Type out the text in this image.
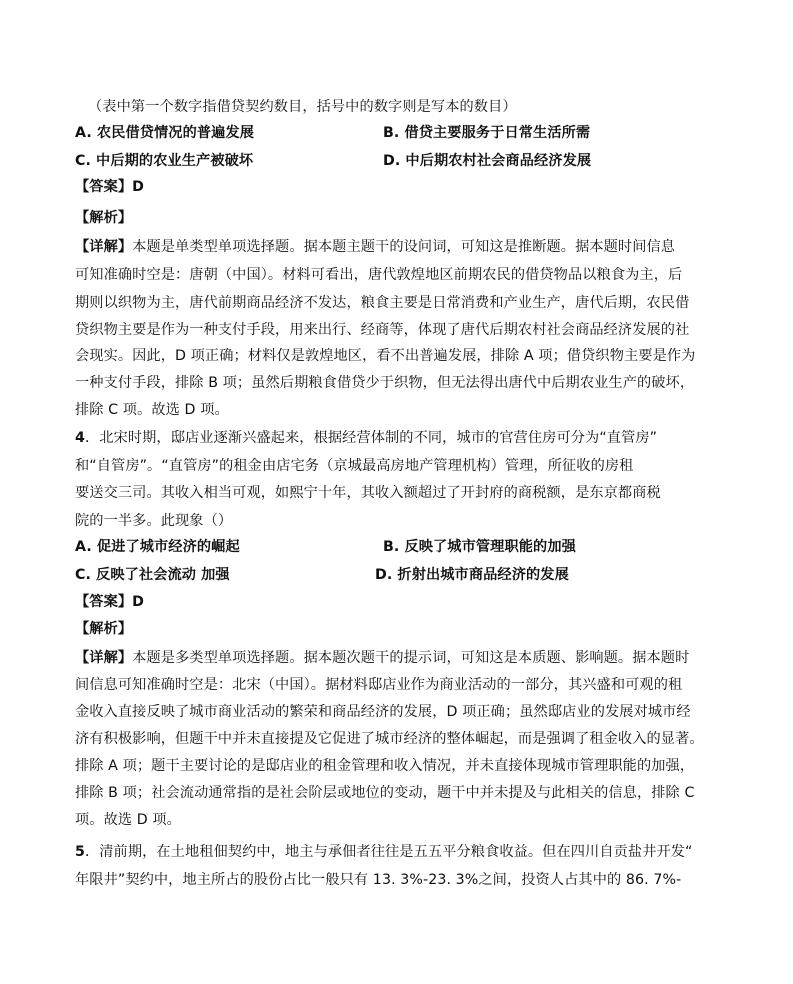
（表中第一个数字指借贷契约数目，括号中的数字则是写本的数目）
A. 农民借贷情况的普遍发展	B. 借贷主要服务于日常生活所需
C. 中后期的农业生产被破坏	D. 中后期农村社会商品经济发展
【答案】D
【解析】
【详解】本题是单类型单项选择题。据本题主题干的设问词，可知这是推断题。据本题时间信息
可知准确时空是：唐朝（中国）。材料可看出，唐代敦煌地区前期农民的借贷物品以粮食为主，后
期则以织物为主，唐代前期商品经济不发达，粮食主要是日常消费和产业生产，唐代后期，农民借
贷织物主要是作为一种支付手段，用来出行、经商等，体现了唐代后期农村社会商品经济发展的社
会现实。因此，D 项正确；材料仅是敦煌地区，看不出普遍发展，排除 A 项；借贷织物主要是作为
一种支付手段，排除 B 项；虽然后期粮食借贷少于织物，但无法得出唐代中后期农业生产的破坏，
排除 C 项。故选 D 项。
4．北宋时期，邸店业逐渐兴盛起来，根据经营体制的不同，城市的官营住房可分为“直管房”
和“自管房”。“直管房”的租金由店宅务（京城最高房地产管理机构）管理，所征收的房租
要送交三司。其收入相当可观，如熙宁十年，其收入额超过了开封府的商税额，是东京都商税
院的一半多。此现象（）
A. 促进了城市经济的崛起	B. 反映了城市管理职能的加强
C. 反映了社会流动 加强	D. 折射出城市商品经济的发展
【答案】D
【解析】
【详解】本题是多类型单项选择题。据本题次题干的提示词，可知这是本质题、影响题。据本题时
间信息可知准确时空是：北宋（中国）。据材料邸店业作为商业活动的一部分，其兴盛和可观的租
金收入直接反映了城市商业活动的繁荣和商品经济的发展，D 项正确；虽然邸店业的发展对城市经
济有积极影响，但题干中并未直接提及它促进了城市经济的整体崛起，而是强调了租金收入的显著。
排除 A 项；题干主要讨论的是邸店业的租金管理和收入情况，并未直接体现城市管理职能的加强，
排除 B 项；社会流动通常指的是社会阶层或地位的变动，题干中并未提及与此相关的信息，排除 C
项。故选 D 项。
5．清前期，在土地租佃契约中，地主与承佃者往往是五五平分粮食收益。但在四川自贡盐井开发“
年限井”契约中，地主所占的股份占比一般只有 13. 3%-23. 3%之间，投资人占其中的 86. 7%-
